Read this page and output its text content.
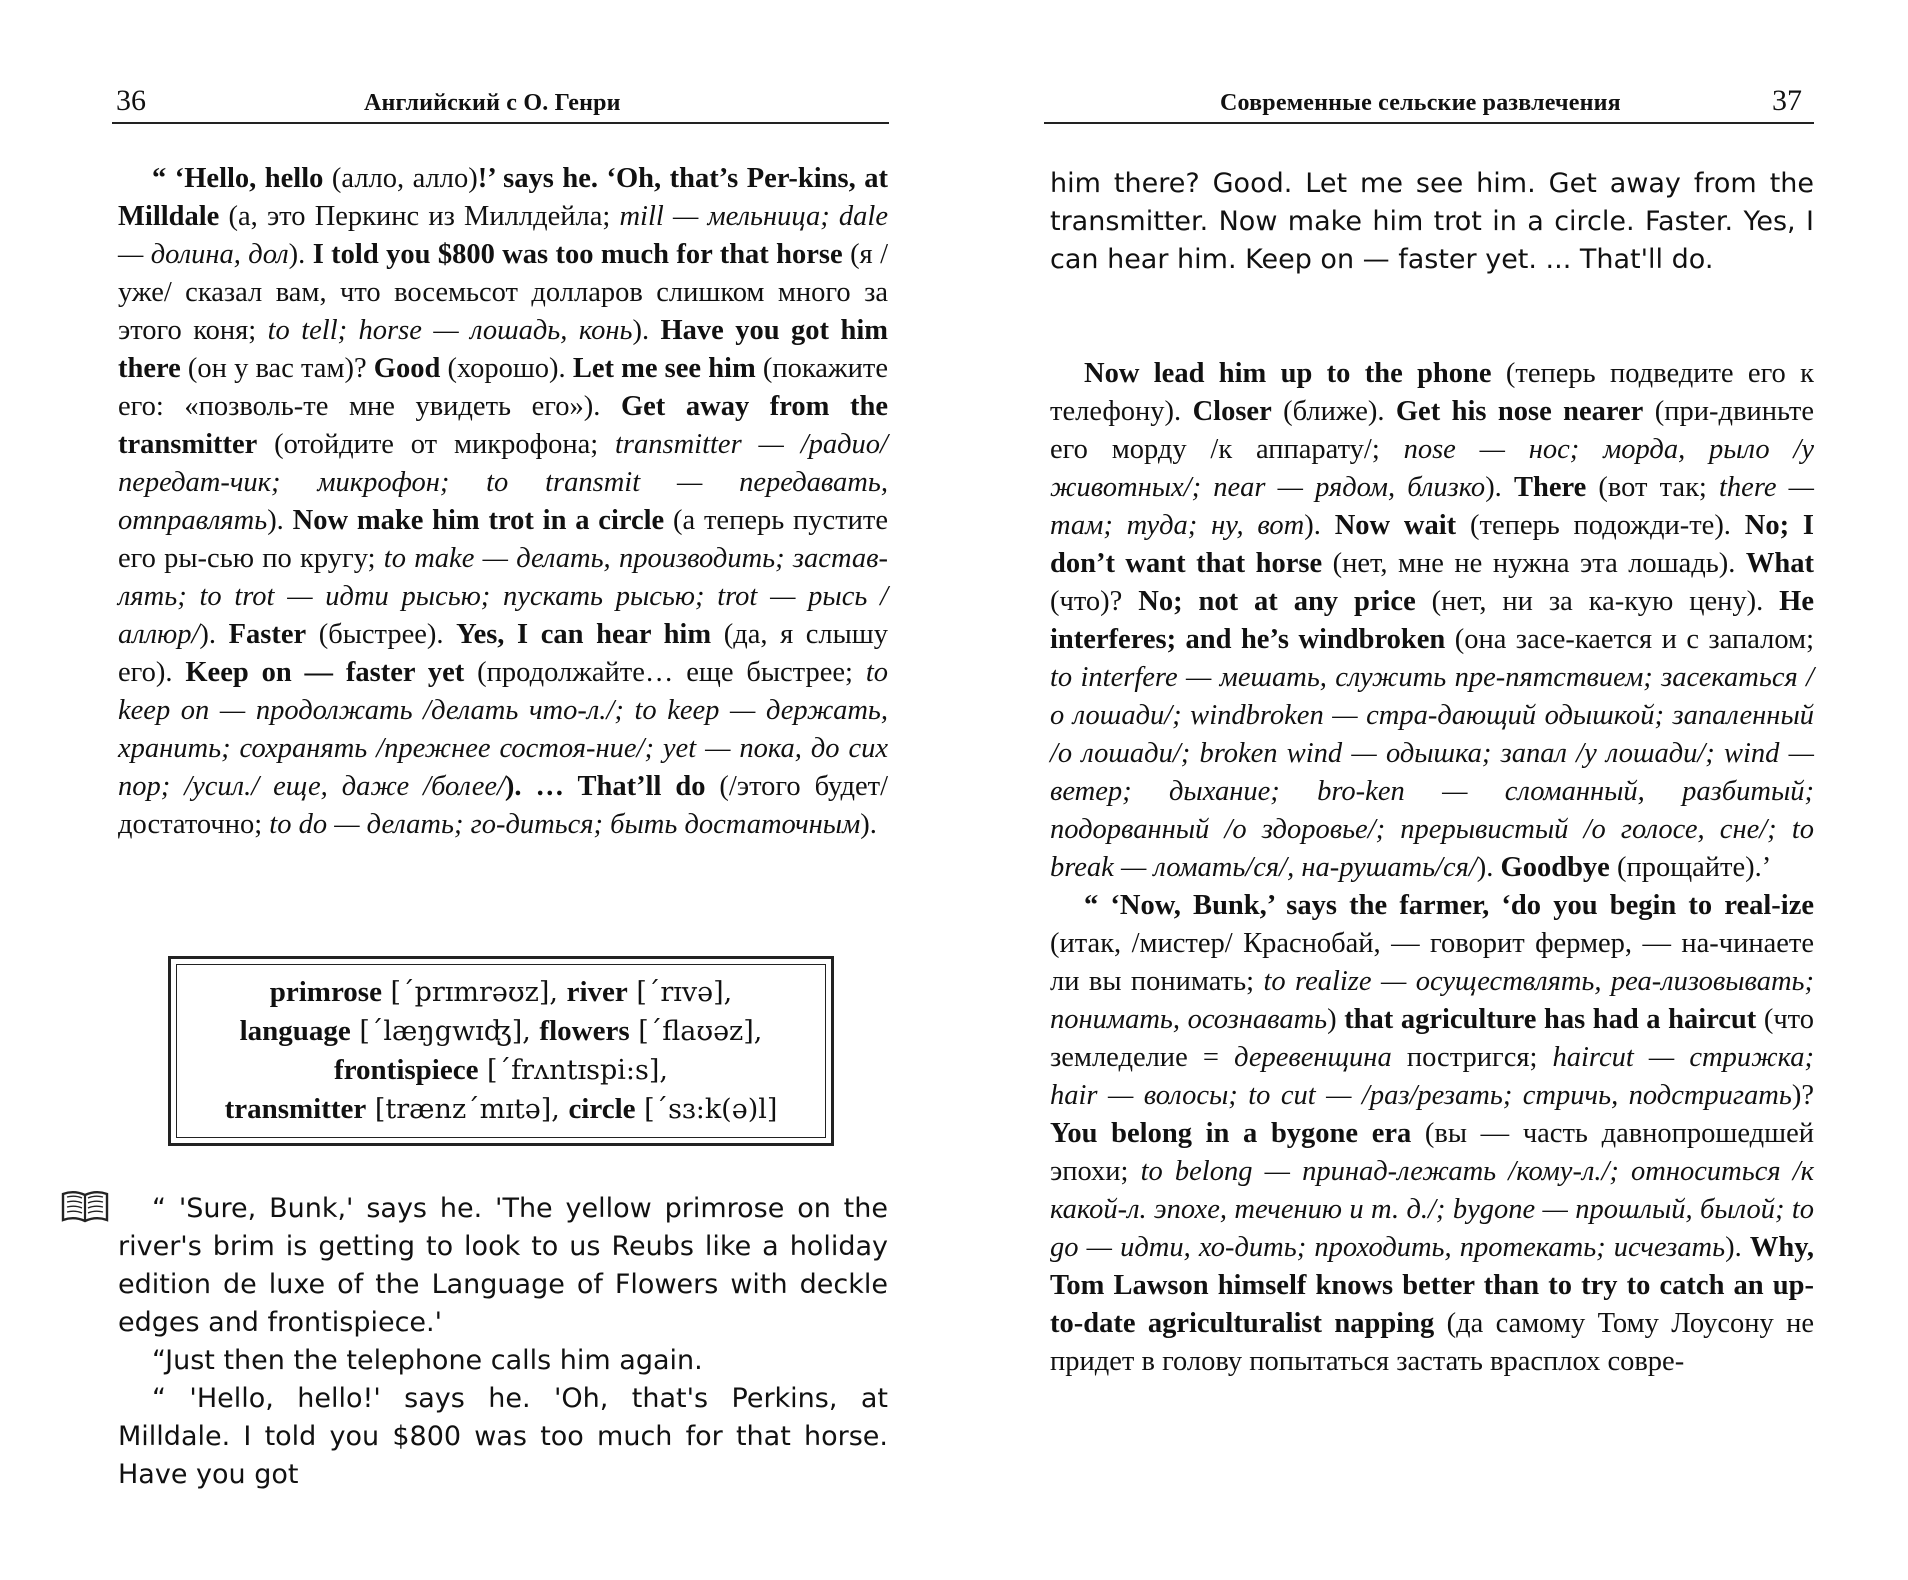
36	Английский с О. Генри

“ ‘Hello, hello (алло, алло)!’ says he. ‘Oh, that’s Per-kins, at Milldale (а, это Перкинс из Миллдейла; mill — мельница; dale — долина, дол). I told you $800 was too much for that horse (я /уже/ сказал вам, что восемьсот долларов слишком много за этого коня; to tell; horse — лошадь, конь). Have you got him there (он у вас там)? Good (хорошо). Let me see him (покажите его: «позволь-те мне увидеть его»). Get away from the transmitter (отойдите от микрофона; transmitter — /радио/передат-чик; микрофон; to transmit — передавать, отправлять). Now make him trot in a circle (а теперь пустите его ры-сью по кругу; to make — делать, производить; застав-лять; to trot — идти рысью; пускать рысью; trot — рысь /аллюр/). Faster (быстрее). Yes, I can hear him (да, я слышу его). Keep on — faster yet (продолжайте… еще быстрее; to keep on — продолжать /делать что-л./; to keep — держать, хранить; сохранять /прежнее состоя-ние/; yet — пока, до сих пор; /усил./ еще, даже /более/). … That’ll do (/этого будет/ достаточно; to do — делать; го-диться; быть достаточным).

primrose [ˊprɪmrəʊz], river [ˊrɪvə],
language [ˊlæŋgwɪʤ], flowers [ˊflaʊəz],
frontispiece [ˊfrʌntɪspi:s],
transmitter [trænzˊmɪtə], circle [ˊsɜ:k(ə)l]

“ 'Sure, Bunk,' says he. 'The yellow primrose on the river's brim is getting to look to us Reubs like a holiday edition de luxe of the Language of Flowers with deckle edges and frontispiece.'

“Just then the telephone calls him again.

“ 'Hello, hello!' says he. 'Oh, that's Perkins, at Milldale. I told you $800 was too much for that horse. Have you got

Современные сельские развлечения	37

him there? Good. Let me see him. Get away from the transmitter. Now make him trot in a circle. Faster. Yes, I can hear him. Keep on — faster yet. ... That'll do.

Now lead him up to the phone (теперь подведите его к телефону). Closer (ближе). Get his nose nearer (при-двиньте его морду /к аппарату/; nose — нос; морда, рыло /у животных/; near — рядом, близко). There (вот так; there — там; туда; ну, вот). Now wait (теперь подожди-те). No; I don’t want that horse (нет, мне не нужна эта лошадь). What (что)? No; not at any price (нет, ни за ка-кую цену). He interferes; and he’s windbroken (она засе-кается и с запалом; to interfere — мешать, служить пре-пятствием; засекаться /о лошади/; windbroken — стра-дающий одышкой; запаленный /о лошади/; broken wind — одышка; запал /у лошади/; wind — ветер; дыхание; bro-ken — сломанный, разбитый; подорванный /о здоровье/; прерывистый /о голосе, сне/; to break — ломать/ся/, на-рушать/ся/). Goodbye (прощайте).’

“ ‘Now, Bunk,’ says the farmer, ‘do you begin to real-ize (итак, /мистер/ Краснобай, — говорит фермер, — на-чинаете ли вы понимать; to realize — осуществлять, реа-лизовывать; понимать, осознавать) that agriculture has had a haircut (что земледелие = деревенщина постригся; haircut — стрижка; hair — волосы; to cut — /раз/резать; стричь, подстригать)? You belong in a bygone era (вы — часть давнопрошедшей эпохи; to belong — принад-лежать /кому-л./; относиться /к какой-л. эпохе, течению и т. д./; bygone — прошлый, былой; to go — идти, хо-дить; проходить, протекать; исчезать). Why, Tom Lawson himself knows better than to try to catch an up-to-date agriculturalist napping (да самому Тому Лоусону не придет в голову попытаться застать врасплох совре-
